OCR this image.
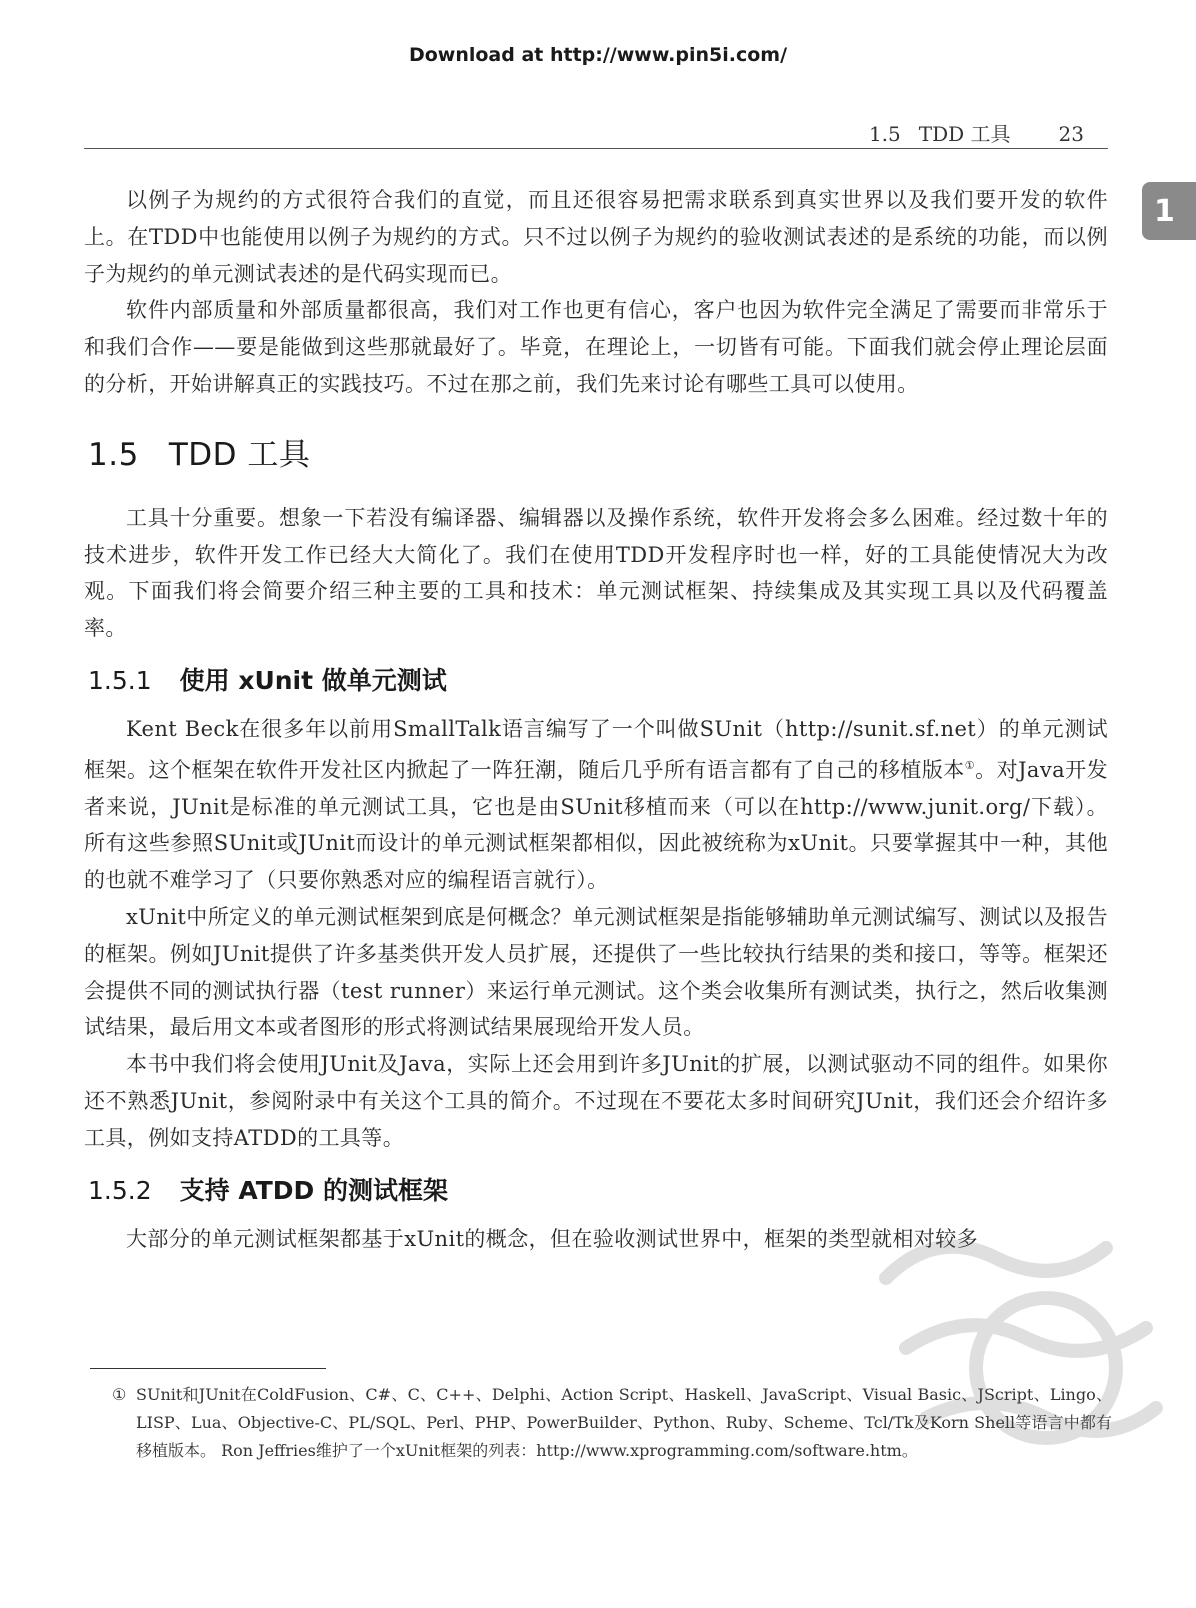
Download at http://www.pin5i.com/
1.5 TDD 工具 23
1

以例子为规约的方式很符合我们的直觉，而且还很容易把需求联系到真实世界以及我们要开发的软件上。在TDD中也能使用以例子为规约的方式。只不过以例子为规约的验收测试表述的是系统的功能，而以例子为规约的单元测试表述的是代码实现而已。

软件内部质量和外部质量都很高，我们对工作也更有信心，客户也因为软件完全满足了需要而非常乐于和我们合作——要是能做到这些那就最好了。毕竟，在理论上，一切皆有可能。下面我们就会停止理论层面的分析，开始讲解真正的实践技巧。不过在那之前，我们先来讨论有哪些工具可以使用。

1.5 TDD 工具

工具十分重要。想象一下若没有编译器、编辑器以及操作系统，软件开发将会多么困难。经过数十年的技术进步，软件开发工作已经大大简化了。我们在使用TDD开发程序时也一样，好的工具能使情况大为改观。下面我们将会简要介绍三种主要的工具和技术：单元测试框架、持续集成及其实现工具以及代码覆盖率。

1.5.1 使用 xUnit 做单元测试

Kent Beck在很多年以前用SmallTalk语言编写了一个叫做SUnit（http://sunit.sf.net）的单元测试框架。这个框架在软件开发社区内掀起了一阵狂潮，随后几乎所有语言都有了自己的移植版本①。对Java开发者来说，JUnit是标准的单元测试工具，它也是由SUnit移植而来（可以在http://www.junit.org/下载）。所有这些参照SUnit或JUnit而设计的单元测试框架都相似，因此被统称为xUnit。只要掌握其中一种，其他的也就不难学习了（只要你熟悉对应的编程语言就行）。

xUnit中所定义的单元测试框架到底是何概念？单元测试框架是指能够辅助单元测试编写、测试以及报告的框架。例如JUnit提供了许多基类供开发人员扩展，还提供了一些比较执行结果的类和接口，等等。框架还会提供不同的测试执行器（test runner）来运行单元测试。这个类会收集所有测试类，执行之，然后收集测试结果，最后用文本或者图形的形式将测试结果展现给开发人员。

本书中我们将会使用JUnit及Java，实际上还会用到许多JUnit的扩展，以测试驱动不同的组件。如果你还不熟悉JUnit，参阅附录中有关这个工具的简介。不过现在不要花太多时间研究JUnit，我们还会介绍许多工具，例如支持ATDD的工具等。

1.5.2 支持 ATDD 的测试框架

大部分的单元测试框架都基于xUnit的概念，但在验收测试世界中，框架的类型就相对较多

① SUnit和JUnit在ColdFusion、C#、C、C++、Delphi、Action Script、Haskell、JavaScript、Visual Basic、JScript、Lingo、LISP、Lua、Objective-C、PL/SQL、Perl、PHP、PowerBuilder、Python、Ruby、Scheme、Tcl/Tk及Korn Shell等语言中都有移植版本。 Ron Jeffries维护了一个xUnit框架的列表：http://www.xprogramming.com/software.htm。
